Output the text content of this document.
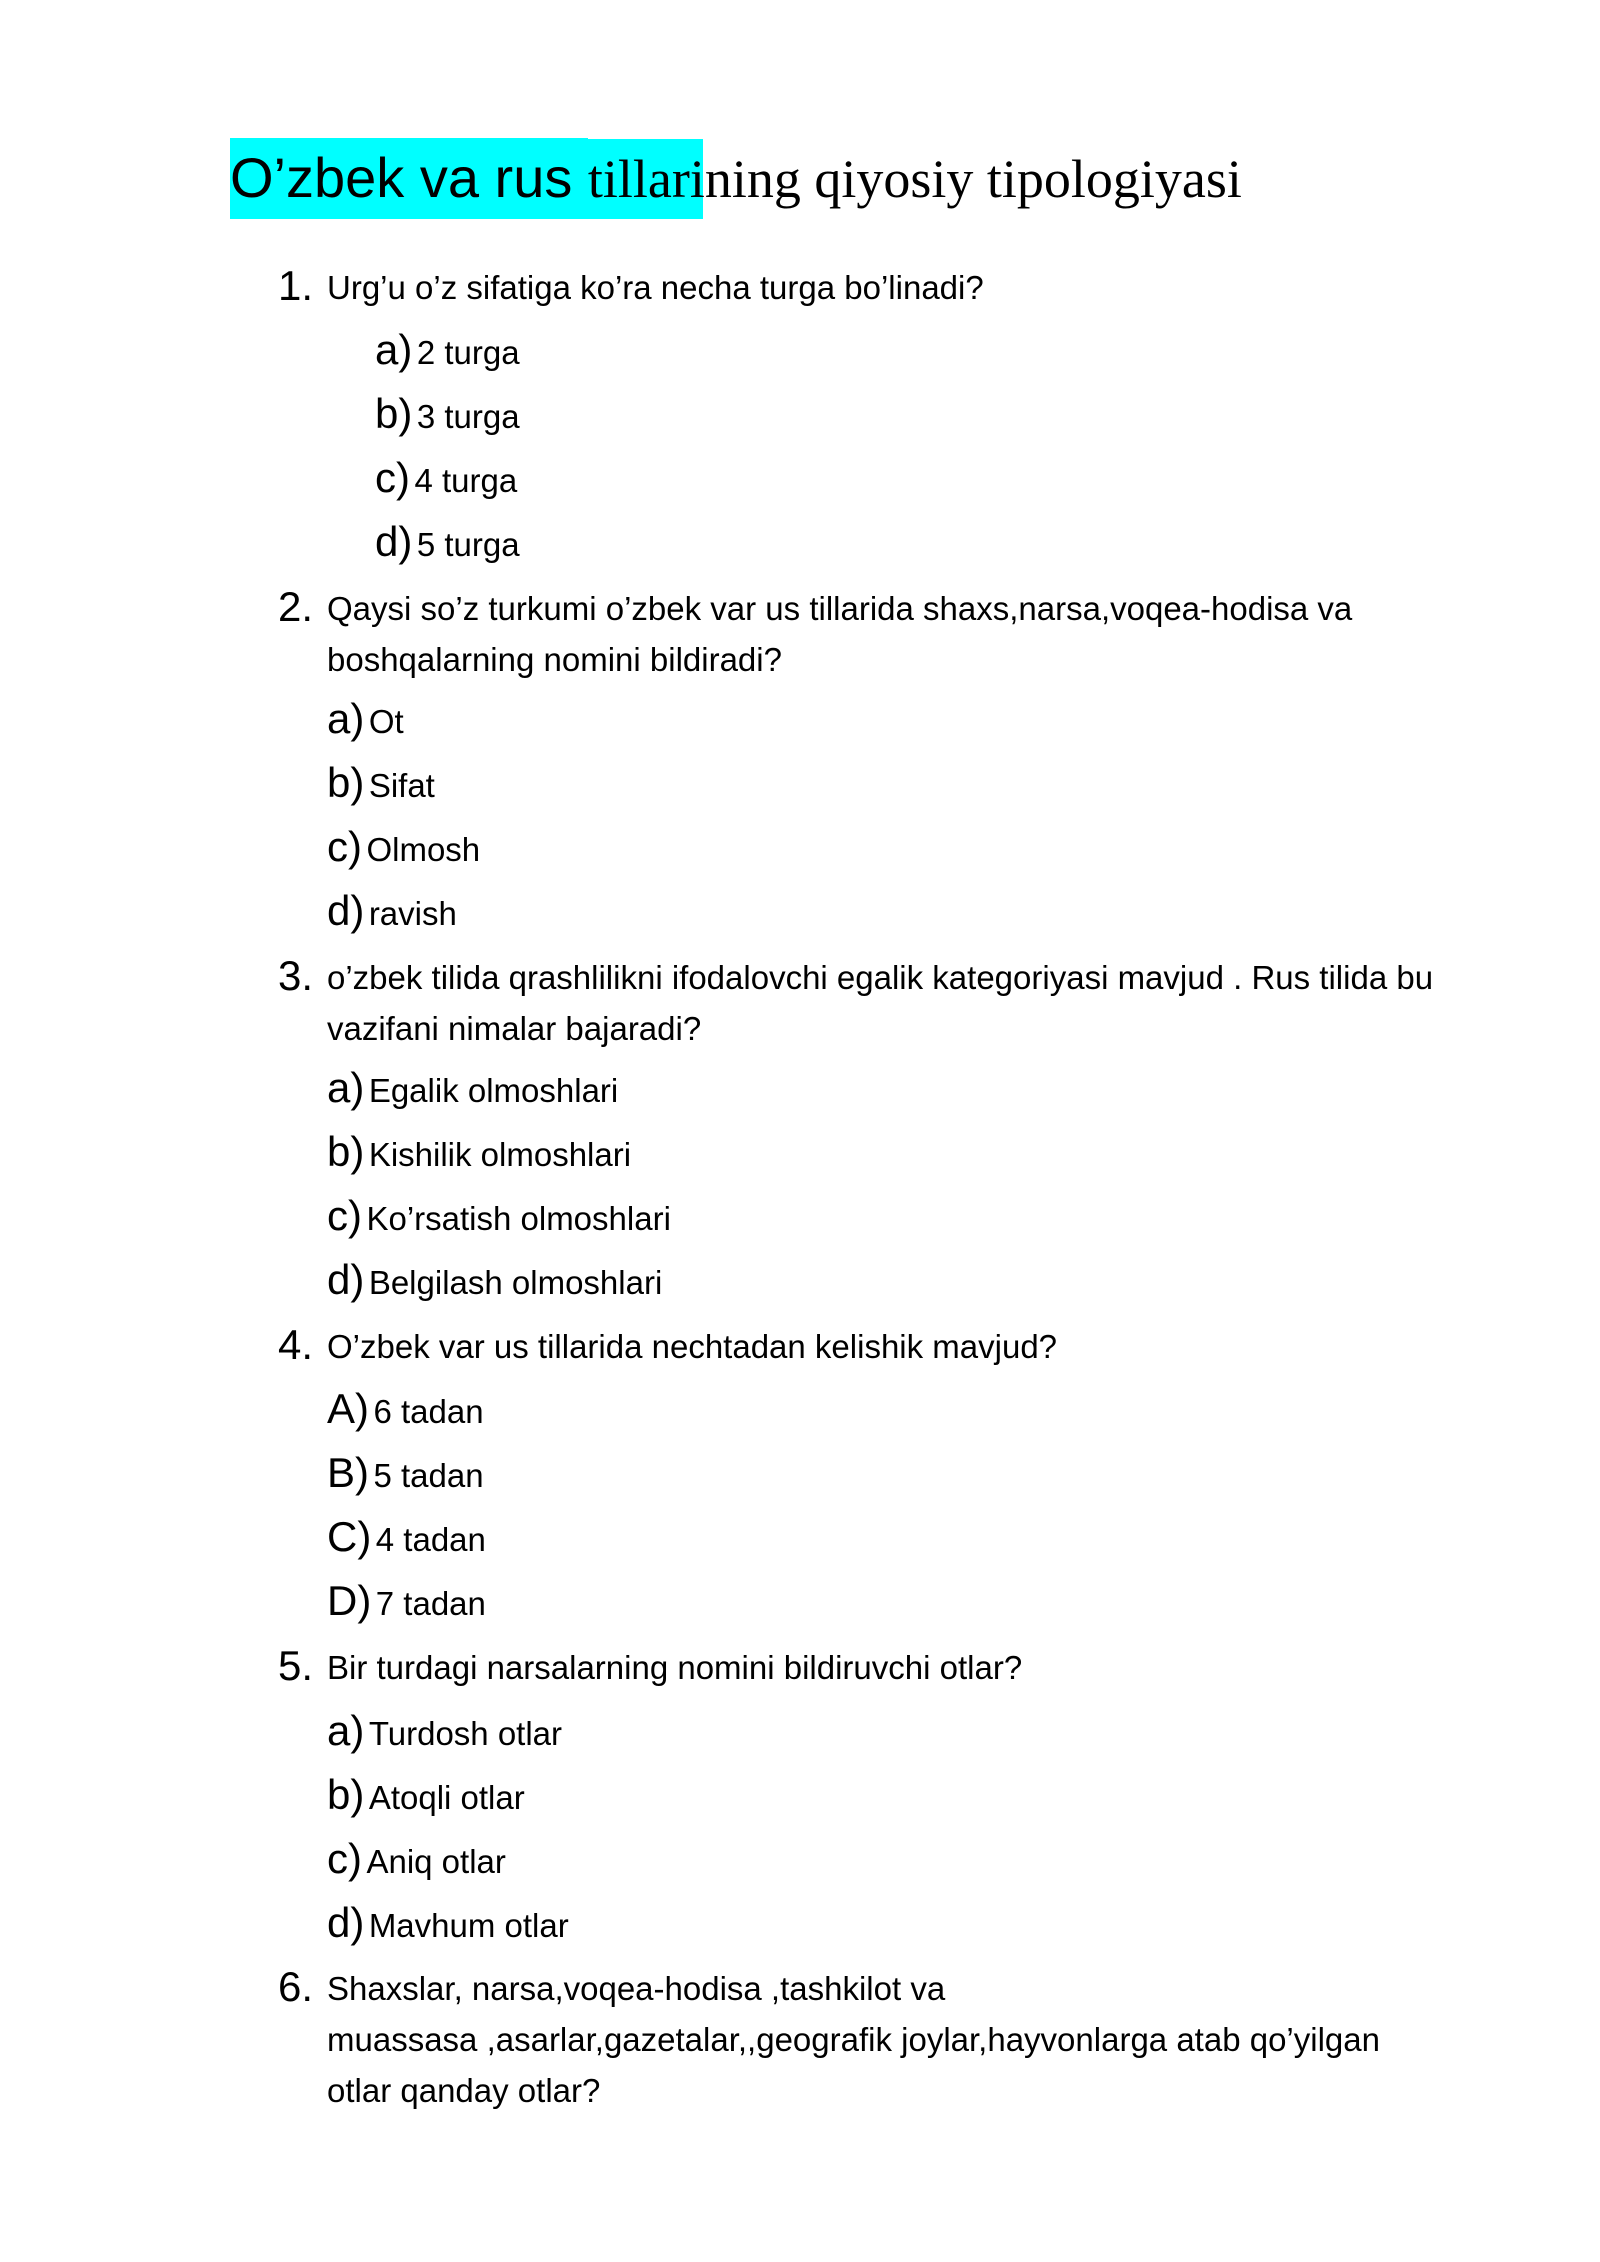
O’zbek va rus tillarining qiyosiy tipologiyasi
1. Urg’u o’z sifatiga ko’ra necha turga bo’linadi?
a) 2 turga
b) 3 turga
c) 4 turga
d) 5 turga
2. Qaysi so’z turkumi o’zbek var us tillarida shaxs,narsa,voqea-hodisa va
boshqalarning nomini bildiradi?
a) Ot
b) Sifat
c) Olmosh
d) ravish
3. o’zbek tilida qrashlilikni ifodalovchi egalik kategoriyasi mavjud . Rus tilida bu
vazifani nimalar bajaradi?
a) Egalik olmoshlari
b) Kishilik olmoshlari
c) Ko’rsatish olmoshlari
d) Belgilash olmoshlari
4. O’zbek var us tillarida nechtadan kelishik mavjud?
A) 6 tadan
B) 5 tadan
C) 4 tadan
D) 7 tadan
5. Bir turdagi narsalarning nomini bildiruvchi otlar?
a) Turdosh otlar
b) Atoqli otlar
c) Aniq otlar
d) Mavhum otlar
6. Shaxslar, narsa,voqea-hodisa ,tashkilot va
muassasa ,asarlar,gazetalar,,geografik joylar,hayvonlarga atab qo’yilgan
otlar qanday otlar?
